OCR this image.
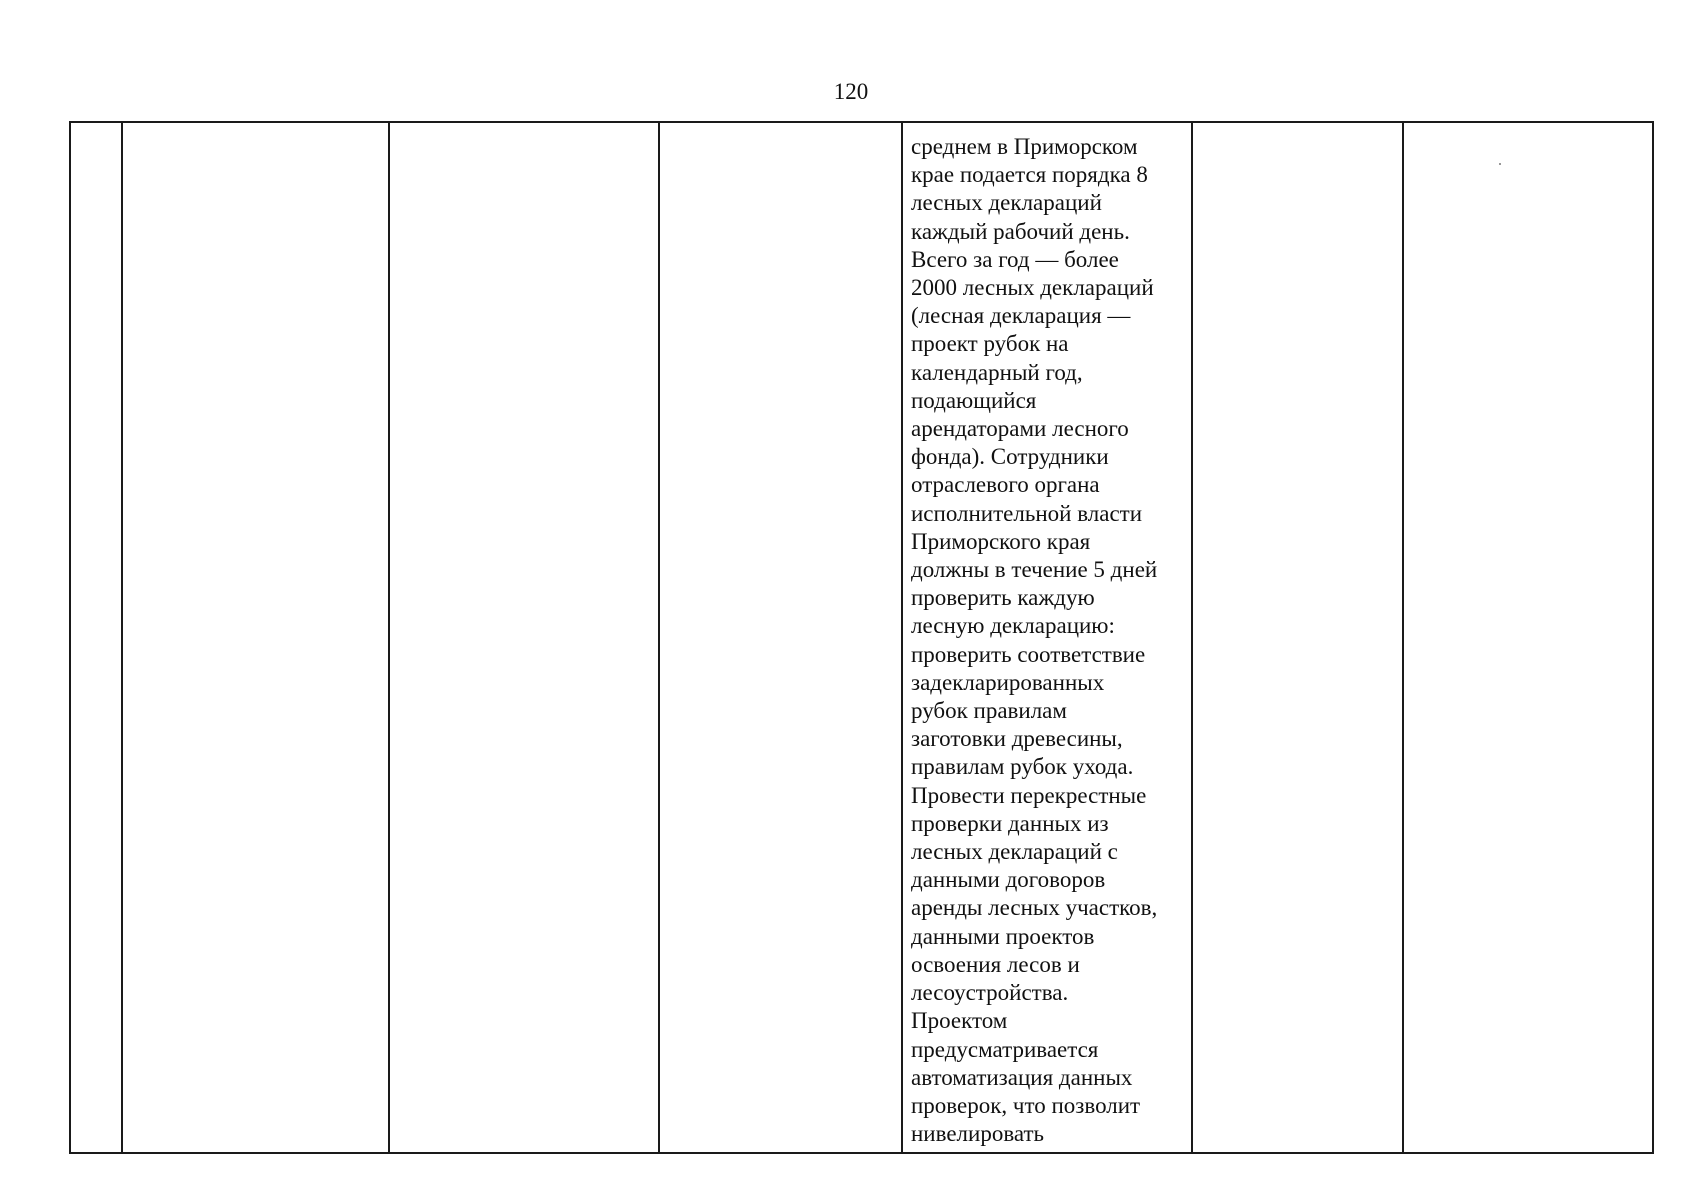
120

среднем в Приморском
крае подается порядка 8
лесных деклараций
каждый рабочий день.
Всего за год — более
2000 лесных деклараций
(лесная декларация —
проект рубок на
календарный год,
подающийся
арендаторами лесного
фонда). Сотрудники
отраслевого органа
исполнительной власти
Приморского края
должны в течение 5 дней
проверить каждую
лесную декларацию:
проверить соответствие
задекларированных
рубок правилам
заготовки древесины,
правилам рубок ухода.
Провести перекрестные
проверки данных из
лесных деклараций с
данными договоров
аренды лесных участков,
данными проектов
освоения лесов и
лесоустройства.
Проектом
предусматривается
автоматизация данных
проверок, что позволит
нивелировать
